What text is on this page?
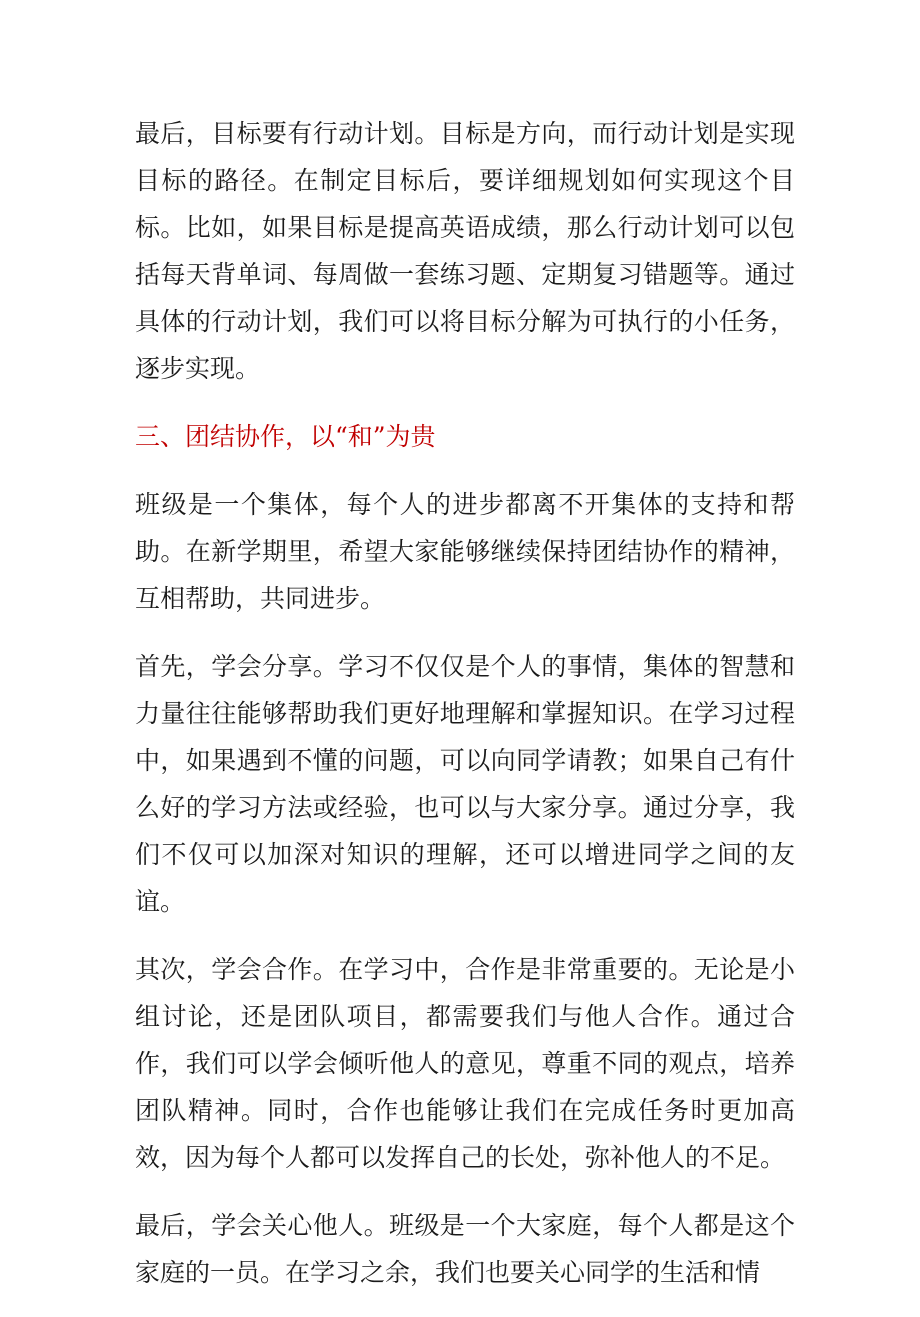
最后，目标要有行动计划。目标是方向，而行动计划是实现目标的路径。在制定目标后，要详细规划如何实现这个目标。比如，如果目标是提高英语成绩，那么行动计划可以包括每天背单词、每周做一套练习题、定期复习错题等。通过具体的行动计划，我们可以将目标分解为可执行的小任务，逐步实现。

三、团结协作，以“和”为贵

班级是一个集体，每个人的进步都离不开集体的支持和帮助。在新学期里，希望大家能够继续保持团结协作的精神，互相帮助，共同进步。

首先，学会分享。学习不仅仅是个人的事情，集体的智慧和力量往往能够帮助我们更好地理解和掌握知识。在学习过程中，如果遇到不懂的问题，可以向同学请教；如果自己有什么好的学习方法或经验，也可以与大家分享。通过分享，我们不仅可以加深对知识的理解，还可以增进同学之间的友谊。

其次，学会合作。在学习中，合作是非常重要的。无论是小组讨论，还是团队项目，都需要我们与他人合作。通过合作，我们可以学会倾听他人的意见，尊重不同的观点，培养团队精神。同时，合作也能够让我们在完成任务时更加高效，因为每个人都可以发挥自己的长处，弥补他人的不足。

最后，学会关心他人。班级是一个大家庭，每个人都是这个家庭的一员。在学习之余，我们也要关心同学的生活和情
